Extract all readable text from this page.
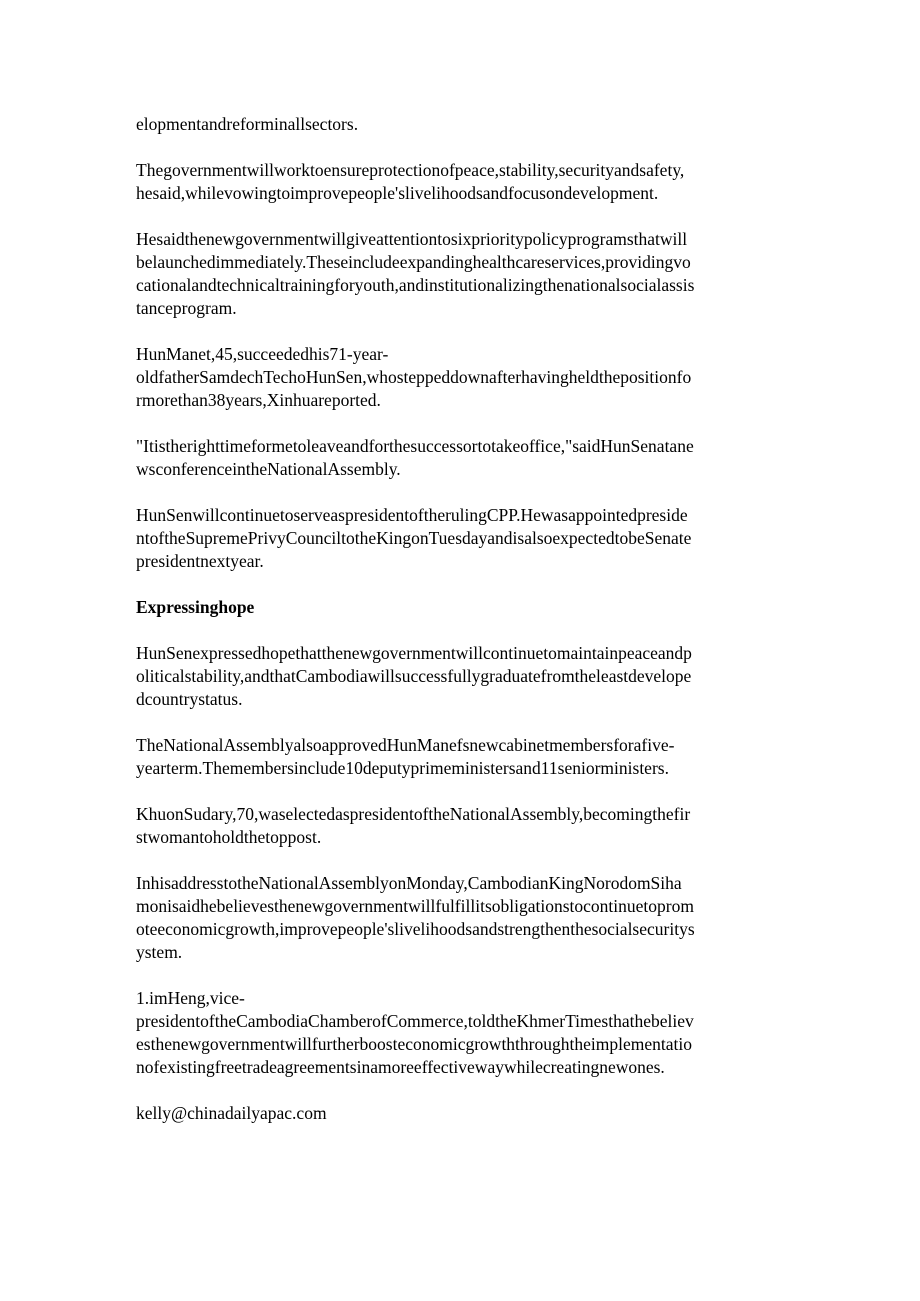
elopmentandreforminallsectors.

Thegovernmentwillworktoensureprotectionofpeace,stability,securityandsafety,
hesaid,whilevowingtoimprovepeople'slivelihoodsandfocusondevelopment.

Hesaidthenewgovernmentwillgiveattentiontosixprioritypolicyprogramsthatwill
belaunchedimmediately.Theseincludeexpandinghealthcareservices,providingvo
cationalandtechnicaltrainingforyouth,andinstitutionalizingthenationalsocialassis
tanceprogram.

HunManet,45,succeededhis71-year-
oldfatherSamdechTechoHunSen,whosteppeddownafterhavingheldthepositionfo
rmorethan38years,Xinhuareported.

"Itistherighttimeformetoleaveandforthesuccessortotakeoffice,"saidHunSenatane
wsconferenceintheNationalAssembly.

HunSenwillcontinuetoserveaspresidentoftherulingCPP.Hewasappointedpreside
ntoftheSupremePrivyCounciltotheKingonTuesdayandisalsoexpectedtobeSenate
presidentnextyear.

Expressinghope

HunSenexpressedhopethatthenewgovernmentwillcontinuetomaintainpeaceandp
oliticalstability,andthatCambodiawillsuccessfullygraduatefromtheleastdevelope
dcountrystatus.

TheNationalAssemblyalsoapprovedHunManefsnewcabinetmembersforafive-
yearterm.Themembersinclude10deputyprimeministersand11seniorministers.

KhuonSudary,70,waselectedaspresidentoftheNationalAssembly,becomingthefir
stwomantoholdthetoppost.

InhisaddresstotheNationalAssemblyonMonday,CambodianKingNorodomSiha
monisaidhebelievesthenewgovernmentwillfulfillitsobligationstocontinuetoprom
oteeconomicgrowth,improvepeople'slivelihoodsandstrengthenthesocialsecuritys
ystem.

1.imHeng,vice-
presidentoftheCambodiaChamberofCommerce,toldtheKhmerTimesthathebeliev
esthenewgovernmentwillfurtherboosteconomicgrowththroughtheimplementatio
nofexistingfreetradeagreementsinamoreeffectivewaywhilecreatingnewones.

kelly@chinadailyapac.com
